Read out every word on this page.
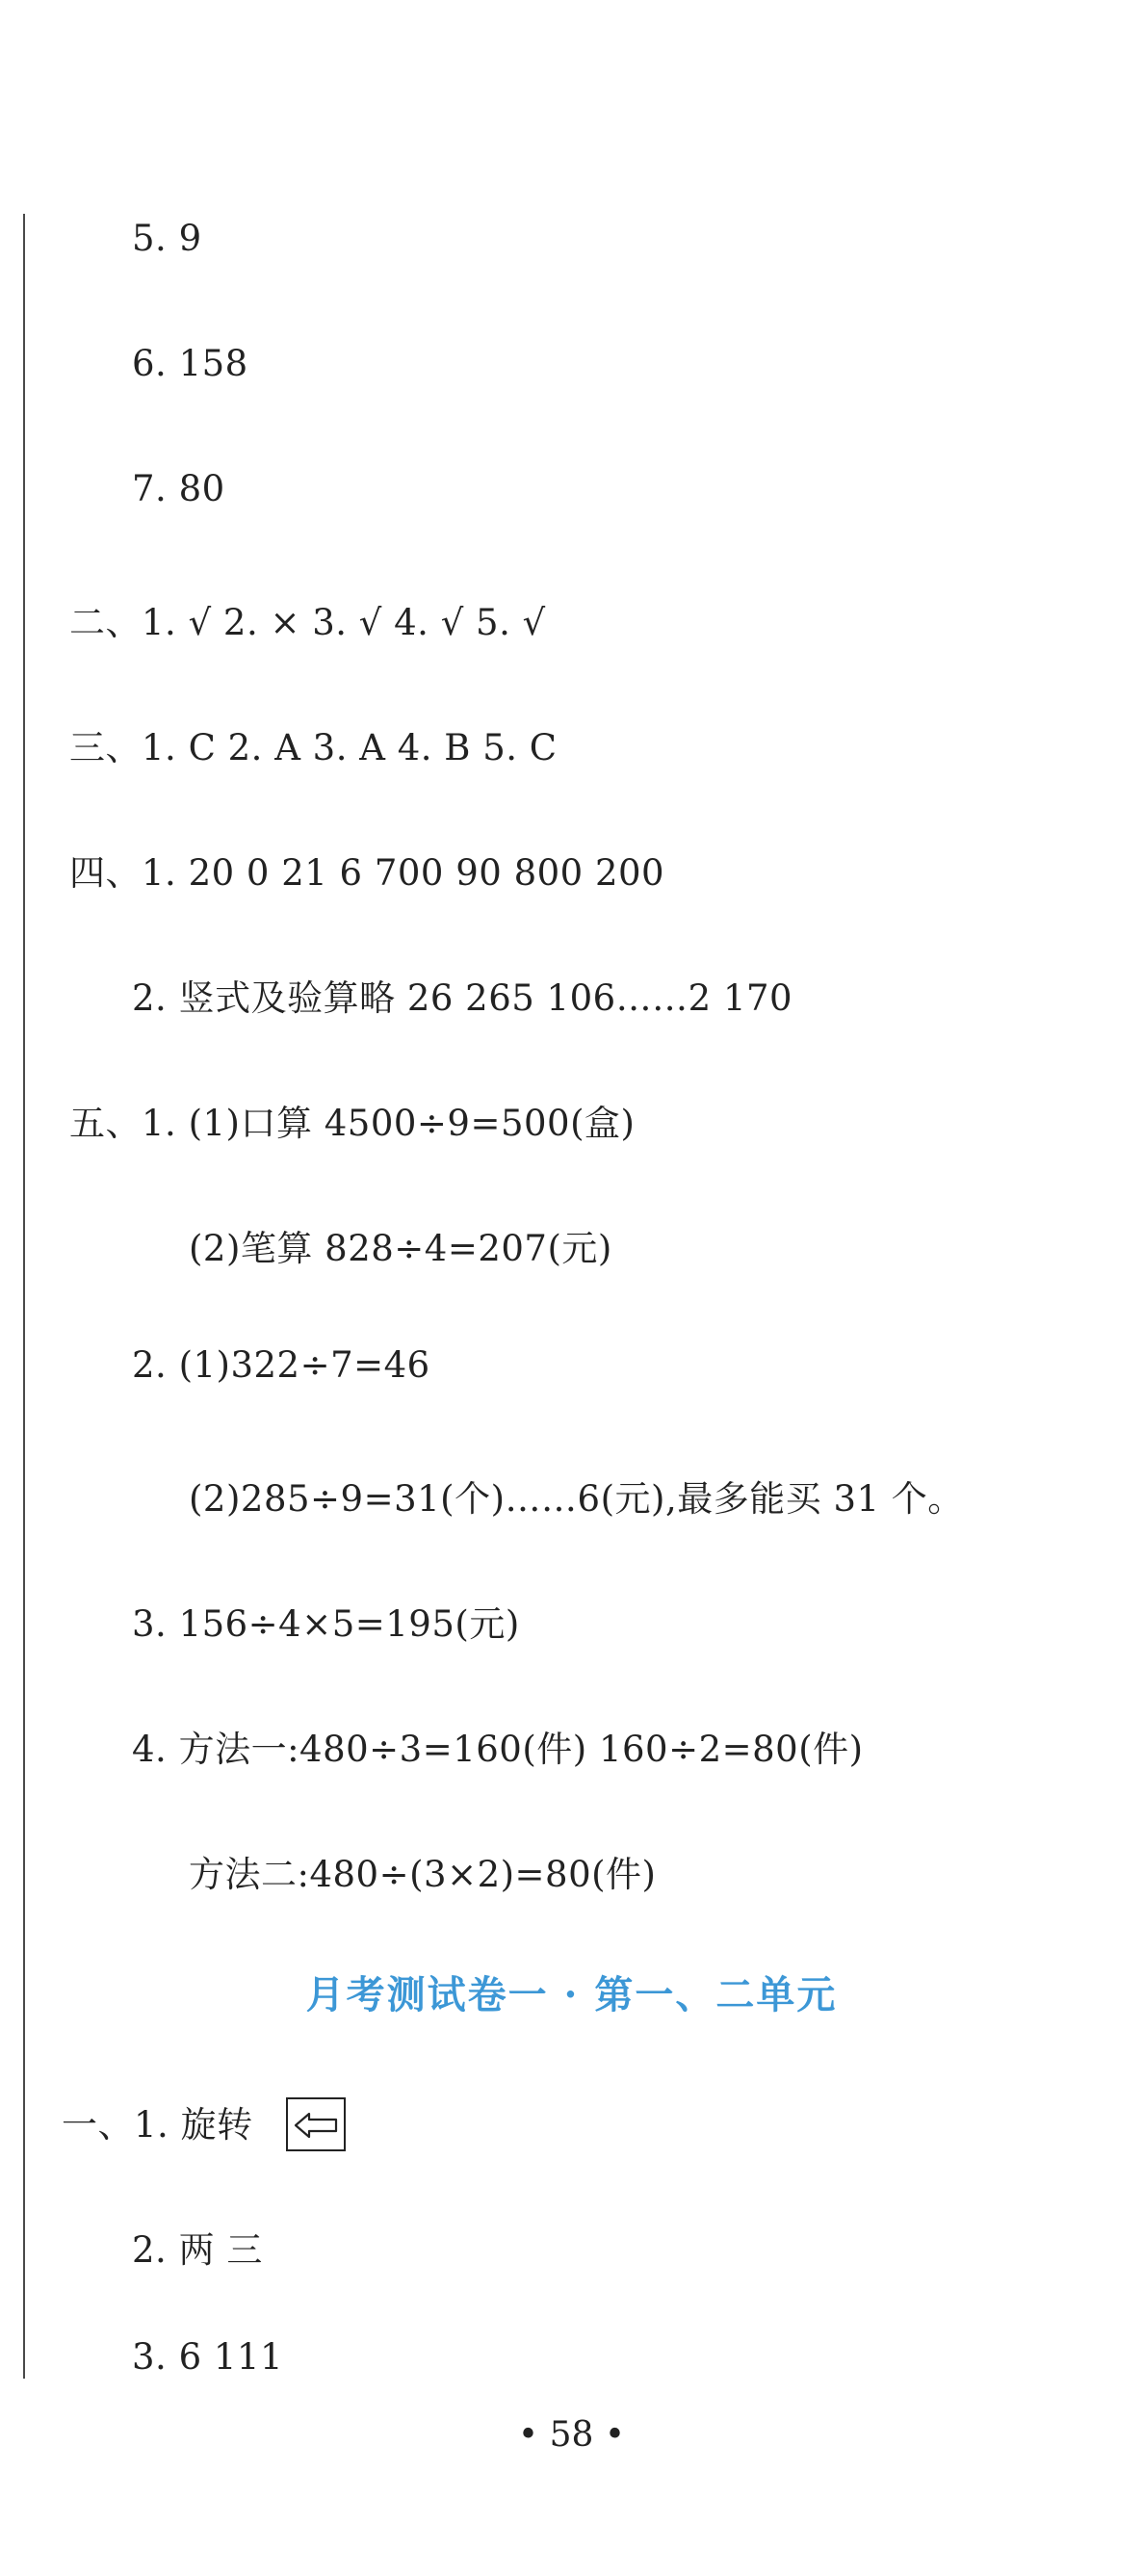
5. 9
6. 158
7. 80
二、1. √ 2. × 3. √ 4. √ 5. √
三、1. C 2. A 3. A 4. B 5. C
四、1. 20 0 21 6 700 90 800 200
2. 竖式及验算略 26 265 106……2 170
五、1. (1)口算 4500÷9=500(盒)
(2)笔算 828÷4=207(元)
2. (1)322÷7=46
(2)285÷9=31(个)……6(元),最多能买 31 个。
3. 156÷4×5=195(元)
4. 方法一:480÷3=160(件) 160÷2=80(件)
方法二:480÷(3×2)=80(件)
月考测试卷一 · 第一、二单元
一、1. 旋转
2. 两 三
3. 6 111
• 58 •
